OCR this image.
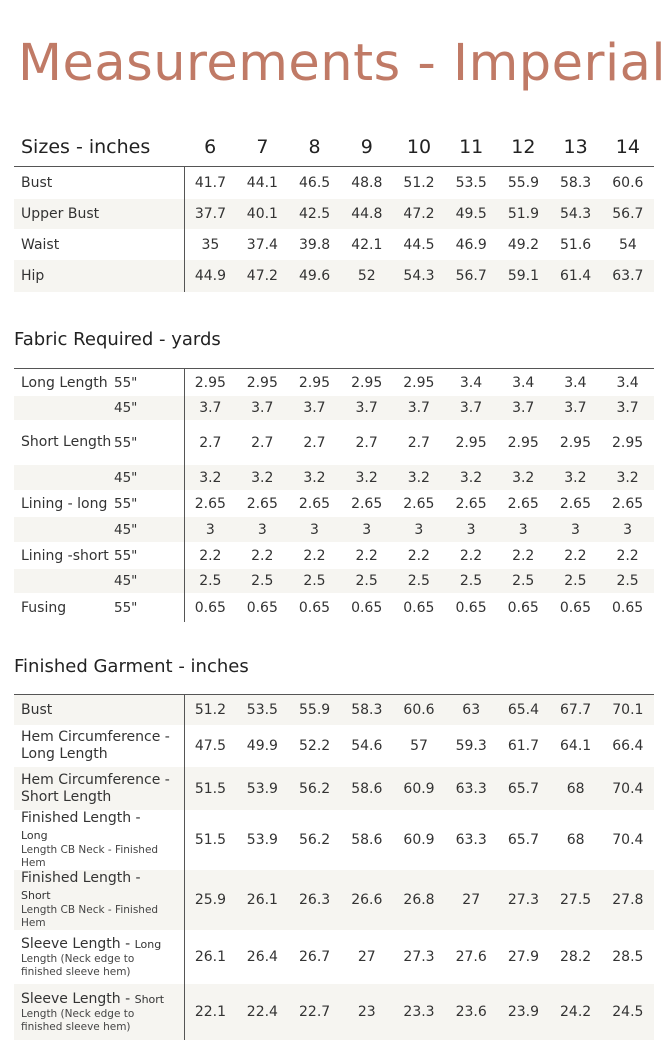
Measurements - Imperial
Sizes - inches	6	7	8	9	10	11	12	13	14
Bust	41.7	44.1	46.5	48.8	51.2	53.5	55.9	58.3	60.6
Upper Bust	37.7	40.1	42.5	44.8	47.2	49.5	51.9	54.3	56.7
Waist	35	37.4	39.8	42.1	44.5	46.9	49.2	51.6	54
Hip	44.9	47.2	49.6	52	54.3	56.7	59.1	61.4	63.7
Fabric Required - yards
Long Length	55"	2.95	2.95	2.95	2.95	2.95	3.4	3.4	3.4	3.4
	45"	3.7	3.7	3.7	3.7	3.7	3.7	3.7	3.7	3.7
Short Length	55"	2.7	2.7	2.7	2.7	2.7	2.95	2.95	2.95	2.95
	45"	3.2	3.2	3.2	3.2	3.2	3.2	3.2	3.2	3.2
Lining - long	55"	2.65	2.65	2.65	2.65	2.65	2.65	2.65	2.65	2.65
	45"	3	3	3	3	3	3	3	3	3
Lining -short	55"	2.2	2.2	2.2	2.2	2.2	2.2	2.2	2.2	2.2
	45"	2.5	2.5	2.5	2.5	2.5	2.5	2.5	2.5	2.5
Fusing	55"	0.65	0.65	0.65	0.65	0.65	0.65	0.65	0.65	0.65
Finished Garment - inches
Bust	51.2	53.5	55.9	58.3	60.6	63	65.4	67.7	70.1
Hem Circumference - Long Length	47.5	49.9	52.2	54.6	57	59.3	61.7	64.1	66.4
Hem Circumference - Short Length	51.5	53.9	56.2	58.6	60.9	63.3	65.7	68	70.4
Finished Length - Long
Length CB Neck - Finished Hem	51.5	53.9	56.2	58.6	60.9	63.3	65.7	68	70.4
Finished Length - Short
Length CB Neck - Finished Hem	25.9	26.1	26.3	26.6	26.8	27	27.3	27.5	27.8
Sleeve Length - Long
Length (Neck edge to finished sleeve hem)	26.1	26.4	26.7	27	27.3	27.6	27.9	28.2	28.5
Sleeve Length - Short
Length (Neck edge to finished sleeve hem)	22.1	22.4	22.7	23	23.3	23.6	23.9	24.2	24.5
